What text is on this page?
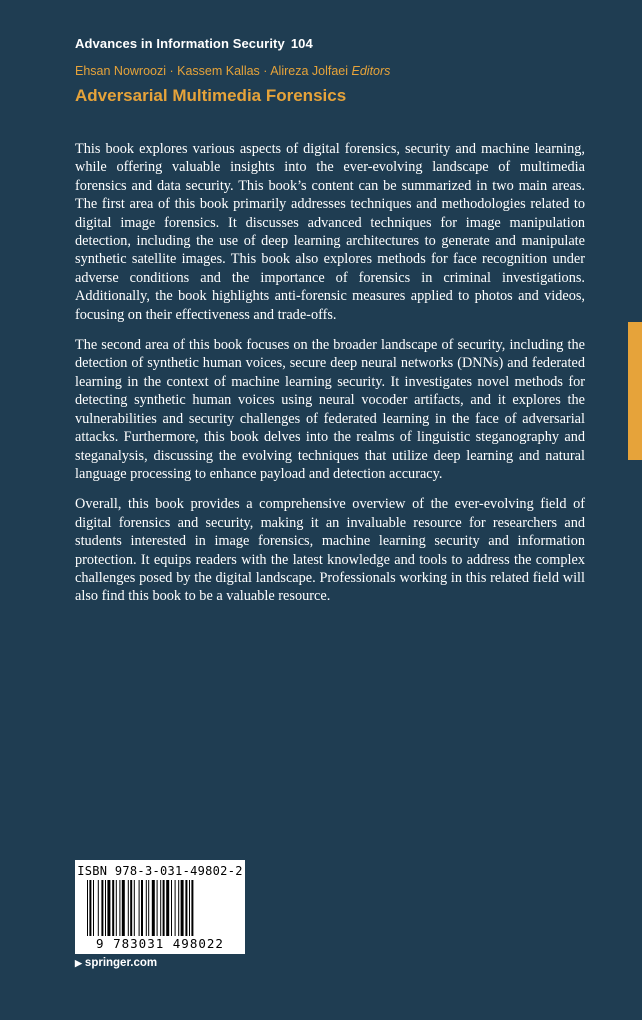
Advances in Information Security 104
Ehsan Nowroozi · Kassem Kallas · Alireza Jolfaei Editors
Adversarial Multimedia Forensics

This book explores various aspects of digital forensics, security and machine learning, while offering valuable insights into the ever-evolving landscape of multimedia forensics and data security. This book’s content can be summarized in two main areas. The first area of this book primarily addresses techniques and methodologies related to digital image forensics. It discusses advanced techniques for image manipulation detection, including the use of deep learning architectures to generate and manipulate synthetic satellite images. This book also explores methods for face recognition under adverse conditions and the importance of forensics in criminal investigations. Additionally, the book highlights anti-forensic measures applied to photos and videos, focusing on their effectiveness and trade-offs.

The second area of this book focuses on the broader landscape of security, including the detection of synthetic human voices, secure deep neural networks (DNNs) and federated learning in the context of machine learning security. It investigates novel methods for detecting synthetic human voices using neural vocoder artifacts, and it explores the vulnerabilities and security challenges of federated learning in the face of adversarial attacks. Furthermore, this book delves into the realms of linguistic steganography and steganalysis, discussing the evolving techniques that utilize deep learning and natural language processing to enhance payload and detection accuracy.

Overall, this book provides a comprehensive overview of the ever-evolving field of digital forensics and security, making it an invaluable resource for researchers and students interested in image forensics, machine learning security and information protection. It equips readers with the latest knowledge and tools to address the complex challenges posed by the digital landscape. Professionals working in this related field will also find this book to be a valuable resource.

ISBN 978-3-031-49802-2
9 783031 498022
▶ springer.com
